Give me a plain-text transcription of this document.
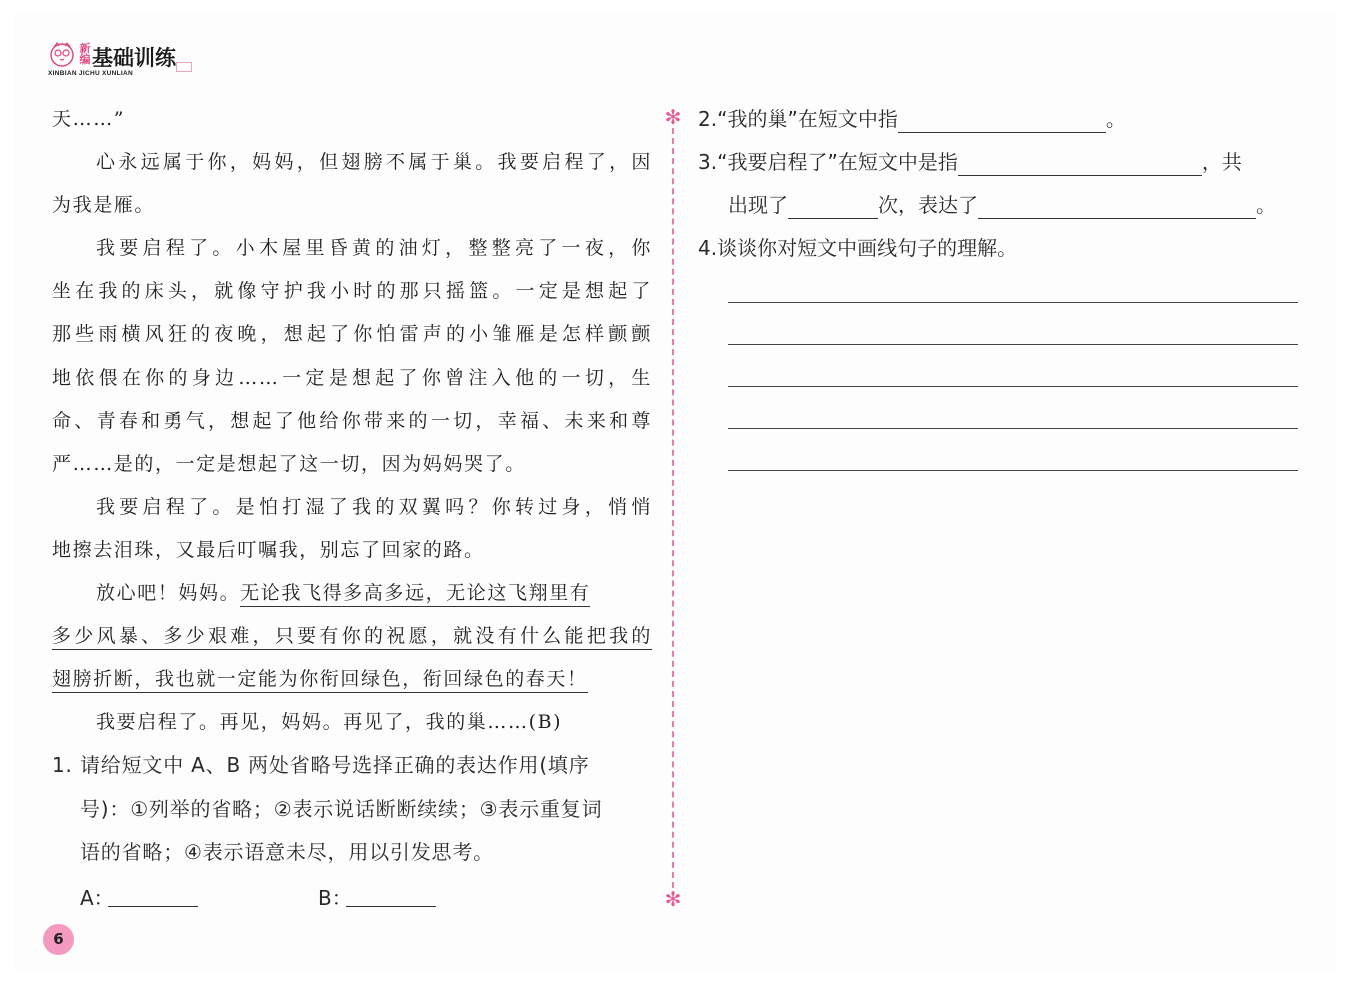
新编 基础训练
XINBIAN JICHU XUNLIAN
天……”
心永远属于你，妈妈，但翅膀不属于巢。我要启程了，因
为我是雁。
我要启程了。小木屋里昏黄的油灯，整整亮了一夜，你
坐在我的床头，就像守护我小时的那只摇篮。一定是想起了
那些雨横风狂的夜晚，想起了你怕雷声的小雏雁是怎样颤颤
地依偎在你的身边……一定是想起了你曾注入他的一切，生
命、青春和勇气，想起了他给你带来的一切，幸福、未来和尊
严……是的，一定是想起了这一切，因为妈妈哭了。
我要启程了。是怕打湿了我的双翼吗？你转过身，悄悄
地擦去泪珠，又最后叮嘱我，别忘了回家的路。
放心吧！妈妈。无论我飞得多高多远，无论这飞翔里有
多少风暴、多少艰难，只要有你的祝愿，就没有什么能把我的
翅膀折断，我也就一定能为你衔回绿色，衔回绿色的春天！
我要启程了。再见，妈妈。再见了，我的巢……(B)
1. 请给短文中 A、B 两处省略号选择正确的表达作用(填序
号)：①列举的省略；②表示说话断断续续；③表示重复词
语的省略；④表示语意未尽，用以引发思考。
A：	B：
✻
✻
2.“我的巢”在短文中指	。
3.“我要启程了”在短文中是指	，共
出现了	次，表达了	。
4.谈谈你对短文中画线句子的理解。
6
